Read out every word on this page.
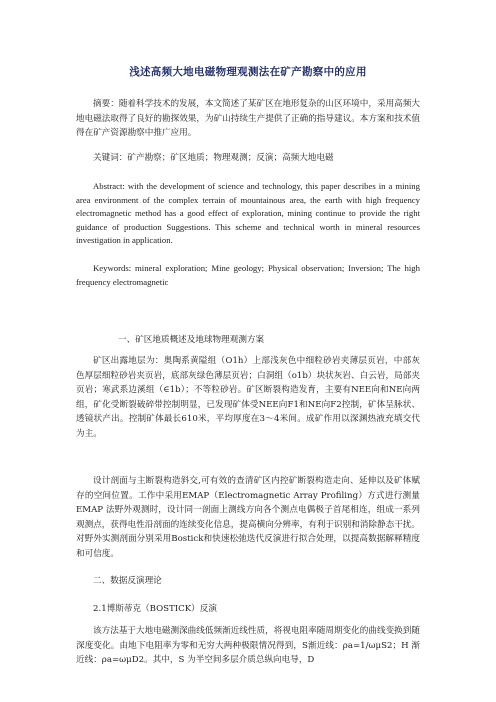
浅述高频大地电磁物理观测法在矿产勘察中的应用

摘要：随着科学技术的发展，本文简述了某矿区在地形复杂的山区环境中，采用高频大地电磁法取得了良好的勘探效果，为矿山持续生产提供了正确的指导建议。本方案和技术值得在矿产资源勘察中推广应用。

关键词：矿产勘察；矿区地质；物理观测；反演；高频大地电磁

Abstract: with the development of science and technology, this paper describes in a mining area environment of the complex terrain of mountainous area, the earth with high frequency electromagnetic method has a good effect of exploration, mining continue to provide the right guidance of production Suggestions. This scheme and technical worth in mineral resources investigation in application.

Keywords: mineral exploration; Mine geology; Physical observation; Inversion; The high frequency electromagnetic

一、矿区地质概述及地球物理观测方案

矿区出露地层为：奥陶系黄隘组（O1h）上部浅灰色中细粒砂岩夹薄层页岩，中部灰色厚层细粒砂岩夹页岩，底部灰绿色薄层页岩；白洞组（o1b）块状灰岩、白云岩，局部夹页岩；寒武系边溪组（∈1b）；不等粒砂岩。矿区断裂构造发育，主要有NEE向和NE向两组，矿化受断裂破碎带控制明显，已发现矿体受NEE向F1和NE向F2控制，矿体呈脉状、透镜状产出。控制矿体最长610米，平均厚度在3～4米间。成矿作用以深渊热液充填交代为主。

设计剖面与主断裂构造斜交,可有效的查清矿区内控矿断裂构造走向、延伸以及矿体赋存的空间位置。工作中采用EMAP（Electromagnetic Array Profiling）方式进行测量 EMAP 法野外观测时，设计同一剖面上测线方向各个测点电偶极子首尾相连，组成一系列观测点，获得电性沿剖面的连续变化信息，提高横向分辨率，有利于识别和消除静态干扰。对野外实测剖面分别采用Bostick和快速松弛迭代反演进行拟合处理，以提高数据解释精度和可信度。

二、数据反演理论

2.1博斯蒂克（BOSTICK）反演

该方法基于大地电磁测深曲线低频渐近线性质，将视电阻率随周期变化的曲线变换到随深度变化。由地下电阻率为零和无穷大两种极限情况得到，S渐近线：ρa=1/ωμS2；H 渐近线：ρa=ωμD2。其中，S 为半空间多层介质总纵向电导，D
